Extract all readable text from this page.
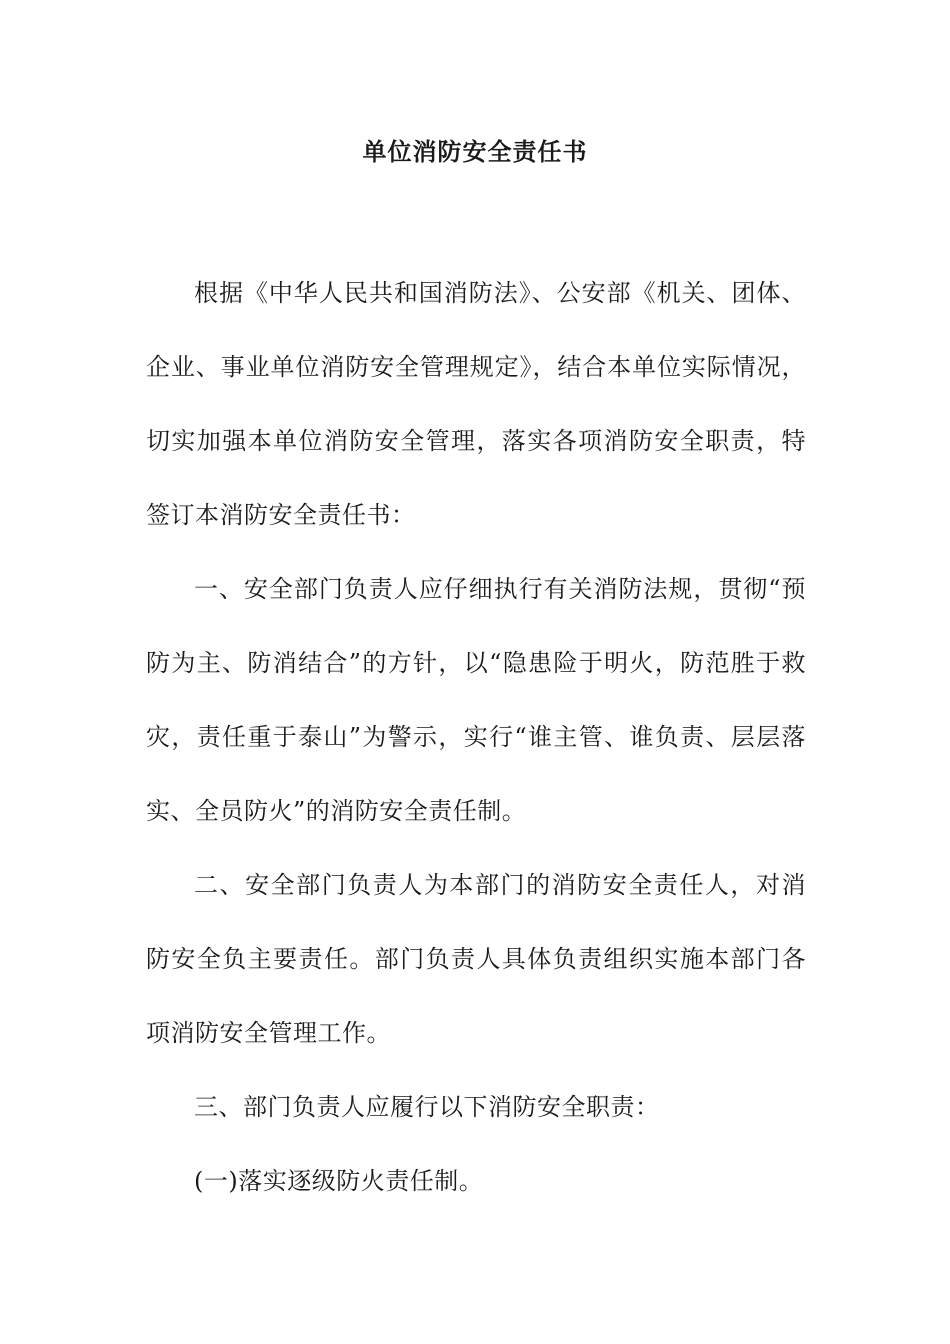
单位消防安全责任书

根据《中华人民共和国消防法》、公安部《机关、团体、企业、事业单位消防安全管理规定》，结合本单位实际情况，切实加强本单位消防安全管理，落实各项消防安全职责，特签订本消防安全责任书：

一、安全部门负责人应仔细执行有关消防法规，贯彻“预防为主、防消结合”的方针，以“隐患险于明火，防范胜于救灾，责任重于泰山”为警示，实行“谁主管、谁负责、层层落实、全员防火”的消防安全责任制。

二、安全部门负责人为本部门的消防安全责任人，对消防安全负主要责任。部门负责人具体负责组织实施本部门各项消防安全管理工作。

三、部门负责人应履行以下消防安全职责：

(一)落实逐级防火责任制。
